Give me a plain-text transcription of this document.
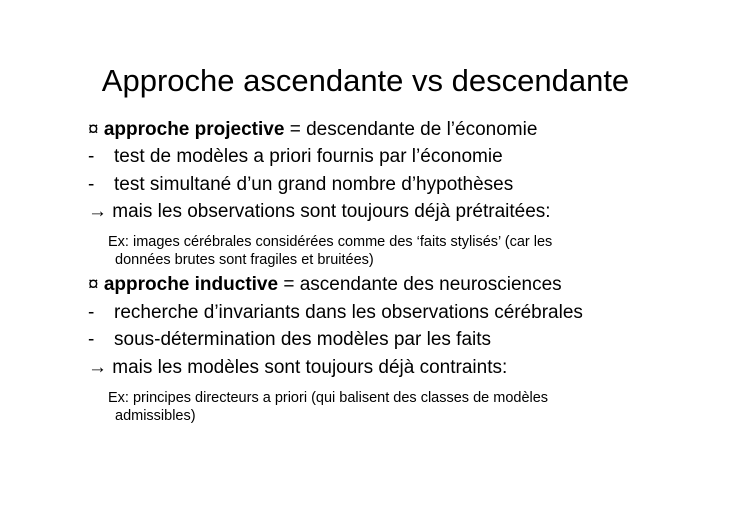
Approche ascendante vs descendante
¤ approche projective = descendante de l’économie
- test de modèles a priori fournis par l’économie
- test simultané d’un grand nombre d’hypothèses
→ mais les observations sont toujours déjà prétraitées:
Ex: images cérébrales considérées comme des ‘faits stylisés’ (car les
données brutes sont fragiles et bruitées)
¤ approche inductive = ascendante des neurosciences
- recherche d’invariants dans les observations cérébrales
- sous-détermination des modèles par les faits
→ mais les modèles sont toujours déjà contraints:
Ex: principes directeurs a priori (qui balisent des classes de modèles
admissibles)
